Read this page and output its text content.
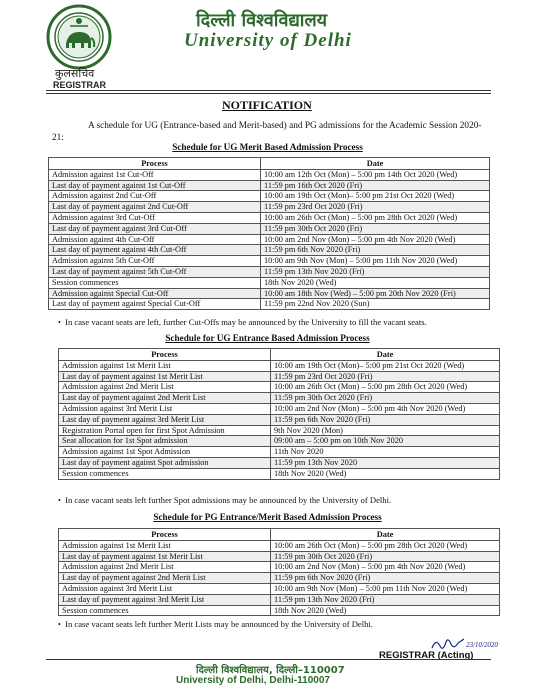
दिल्ली विश्वविद्यालय
University of Delhi
कुलसचिव
REGISTRAR
NOTIFICATION
A schedule for UG (Entrance-based and Merit-based) and PG admissions for the Academic Session 2020-21:
Schedule for UG Merit Based Admission Process
Process	Date
Admission against 1st Cut-Off	10:00 am 12th Oct (Mon) – 5:00 pm 14th Oct 2020 (Wed)
Last day of payment against 1st Cut-Off	11:59 pm 16th Oct 2020 (Fri)
Admission against 2nd Cut-Off	10:00 am 19th Oct (Mon)– 5:00 pm 21st Oct 2020 (Wed)
Last day of payment against 2nd Cut-Off	11:59 pm 23rd Oct 2020 (Fri)
Admission against 3rd Cut-Off	10:00 am 26th Oct (Mon) – 5:00 pm 28th Oct 2020 (Wed)
Last day of payment against 3rd Cut-Off	11:59 pm 30th Oct 2020 (Fri)
Admission against 4th Cut-Off	10:00 am 2nd Nov (Mon) – 5:00 pm 4th Nov 2020 (Wed)
Last day of payment against 4th Cut-Off	11:59 pm 6th Nov 2020 (Fri)
Admission against 5th Cut-Off	10:00 am 9th Nov (Mon) – 5:00 pm 11th Nov 2020 (Wed)
Last day of payment against 5th Cut-Off	11:59 pm 13th Nov 2020 (Fri)
Session commences	18th Nov 2020 (Wed)
Admission against Special Cut-Off	10:00 am 18th Nov (Wed) – 5:00 pm 20th Nov 2020 (Fri)
Last day of payment against Special Cut-Off	11:59 pm 22nd Nov 2020 (Sun)
• In case vacant seats are left, further Cut-Offs may be announced by the University to fill the vacant seats.
Schedule for UG Entrance Based Admission Process
Process	Date
Admission against 1st Merit List	10:00 am 19th Oct (Mon)– 5:00 pm 21st Oct 2020 (Wed)
Last day of payment against 1st Merit List	11:59 pm 23rd Oct 2020 (Fri)
Admission against 2nd Merit List	10:00 am 26th Oct (Mon) – 5:00 pm 28th Oct 2020 (Wed)
Last day of payment against 2nd Merit List	11:59 pm 30th Oct 2020 (Fri)
Admission against 3rd Merit List	10:00 am 2nd Nov (Mon) – 5:00 pm 4th Nov 2020 (Wed)
Last day of payment against 3rd Merit List	11:59 pm 6th Nov 2020 (Fri)
Registration Portal open for first Spot Admission	9th Nov 2020 (Mon)
Seat allocation for 1st Spot admission	09:00 am – 5:00 pm on 10th Nov 2020
Admission against 1st Spot Admission	11th Nov 2020
Last day of payment against Spot admission	11:59 pm 13th Nov 2020
Session commences	18th Nov 2020 (Wed)
• In case vacant seats left further Spot admissions may be announced by the University of Delhi.
Schedule for PG Entrance/Merit Based Admission Process
Process	Date
Admission against 1st Merit List	10:00 am 26th Oct (Mon) – 5:00 pm 28th Oct 2020 (Wed)
Last day of payment against 1st Merit List	11:59 pm 30th Oct 2020 (Fri)
Admission against 2nd Merit List	10:00 am 2nd Nov (Mon) – 5:00 pm 4th Nov 2020 (Wed)
Last day of payment against 2nd Merit List	11:59 pm 6th Nov 2020 (Fri)
Admission against 3rd Merit List	10:00 am 9th Nov (Mon) – 5:00 pm 11th Nov 2020 (Wed)
Last day of payment against 3rd Merit List	11:59 pm 13th Nov 2020 (Fri)
Session commences	18th Nov 2020 (Wed)
• In case vacant seats left further Merit Lists may be announced by the University of Delhi.
23/10/2020
REGISTRAR (Acting)
दिल्ली विश्वविद्यालय, दिल्ली–110007
University of Delhi, Delhi-110007
